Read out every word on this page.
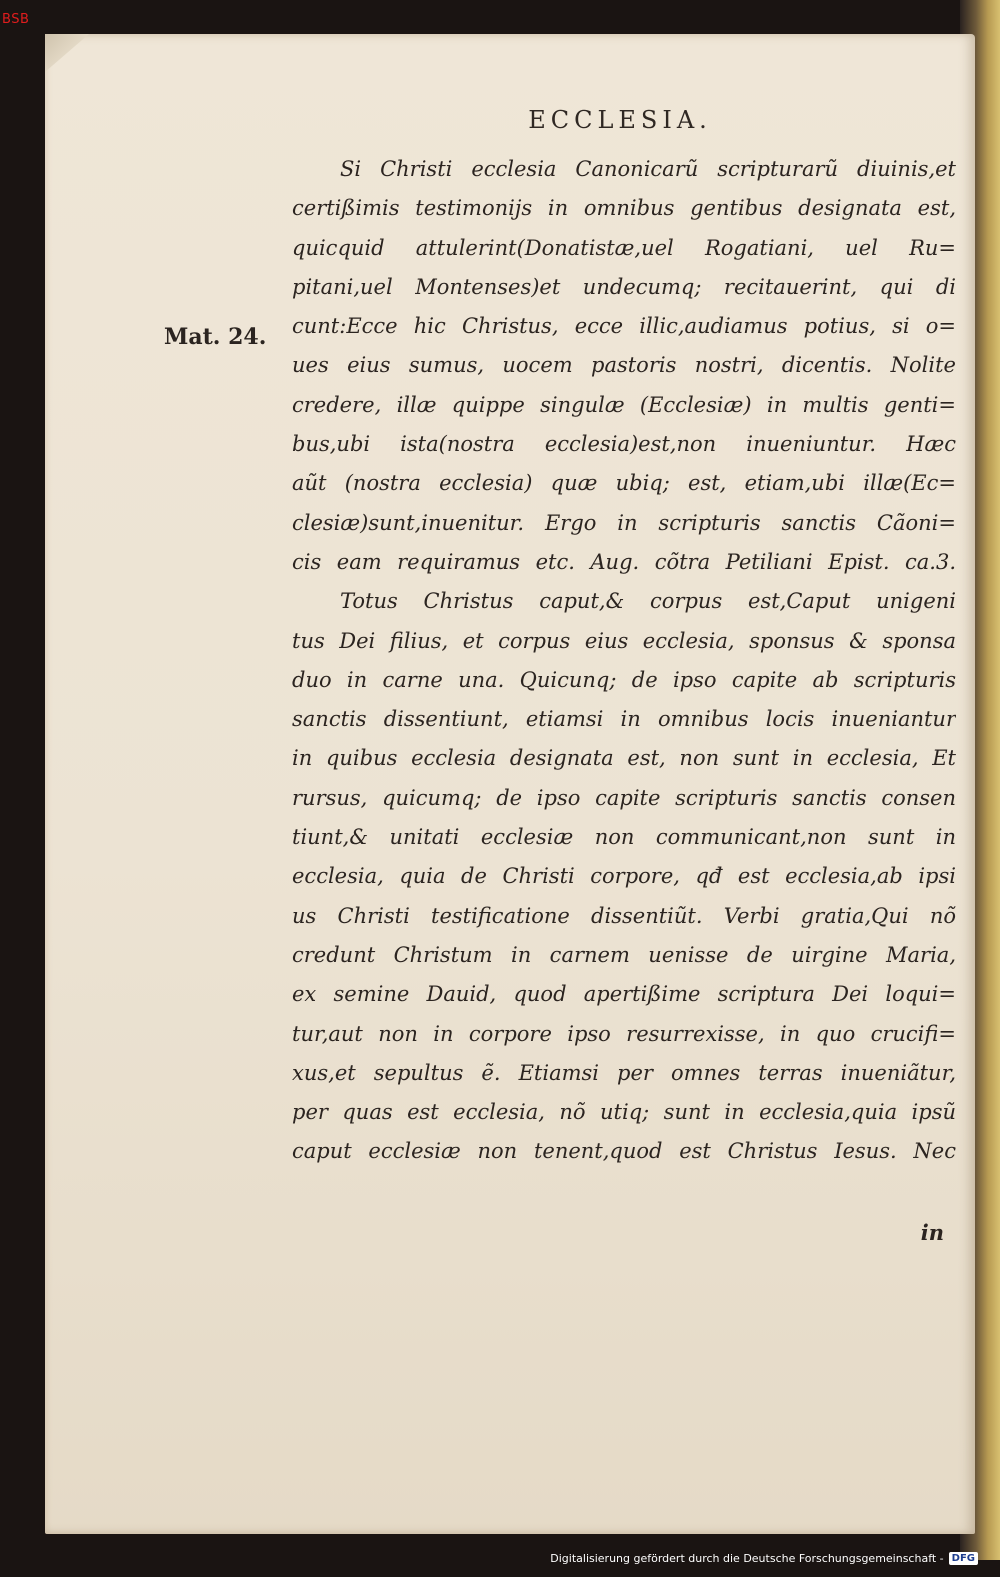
BSB
ECCLESIA.
Mat. 24.
Si Christi ecclesia Canonicarũ scripturarũ diuinis,et
certißimis testimonijs in omnibus gentibus designata est,
quicquid attulerint(Donatistæ,uel Rogatiani, uel Ru=
pitani,uel Montenses)et undecumq; recitauerint, qui di
cunt:Ecce hic Christus, ecce illic,audiamus potius, si o=
ues eius sumus, uocem pastoris nostri, dicentis. Nolite
credere, illæ quippe singulæ (Ecclesiæ) in multis genti=
bus,ubi ista(nostra ecclesia)est,non inueniuntur. Hæc
aũt (nostra ecclesia) quæ ubiq; est, etiam,ubi illæ(Ec=
clesiæ)sunt,inuenitur. Ergo in scripturis sanctis Cãoni=
cis eam requiramus etc. Aug. cõtra Petiliani Epist. ca.3.
Totus Christus caput,& corpus est,Caput unigeni
tus Dei filius, et corpus eius ecclesia, sponsus & sponsa
duo in carne una. Quicunq; de ipso capite ab scripturis
sanctis dissentiunt, etiamsi in omnibus locis inueniantur
in quibus ecclesia designata est, non sunt in ecclesia, Et
rursus, quicumq; de ipso capite scripturis sanctis consen
tiunt,& unitati ecclesiæ non communicant,non sunt in
ecclesia, quia de Christi corpore, qđ est ecclesia,ab ipsi
us Christi testificatione dissentiũt. Verbi gratia,Qui nõ
credunt Christum in carnem uenisse de uirgine Maria,
ex semine Dauid, quod apertißime scriptura Dei loqui=
tur,aut non in corpore ipso resurrexisse, in quo crucifi=
xus,et sepultus ẽ. Etiamsi per omnes terras inueniãtur,
per quas est ecclesia, nõ utiq; sunt in ecclesia,quia ipsũ
caput ecclesiæ non tenent,quod est Christus Iesus. Nec
in
Digitalisierung gefördert durch die Deutsche Forschungsgemeinschaft - DFG
